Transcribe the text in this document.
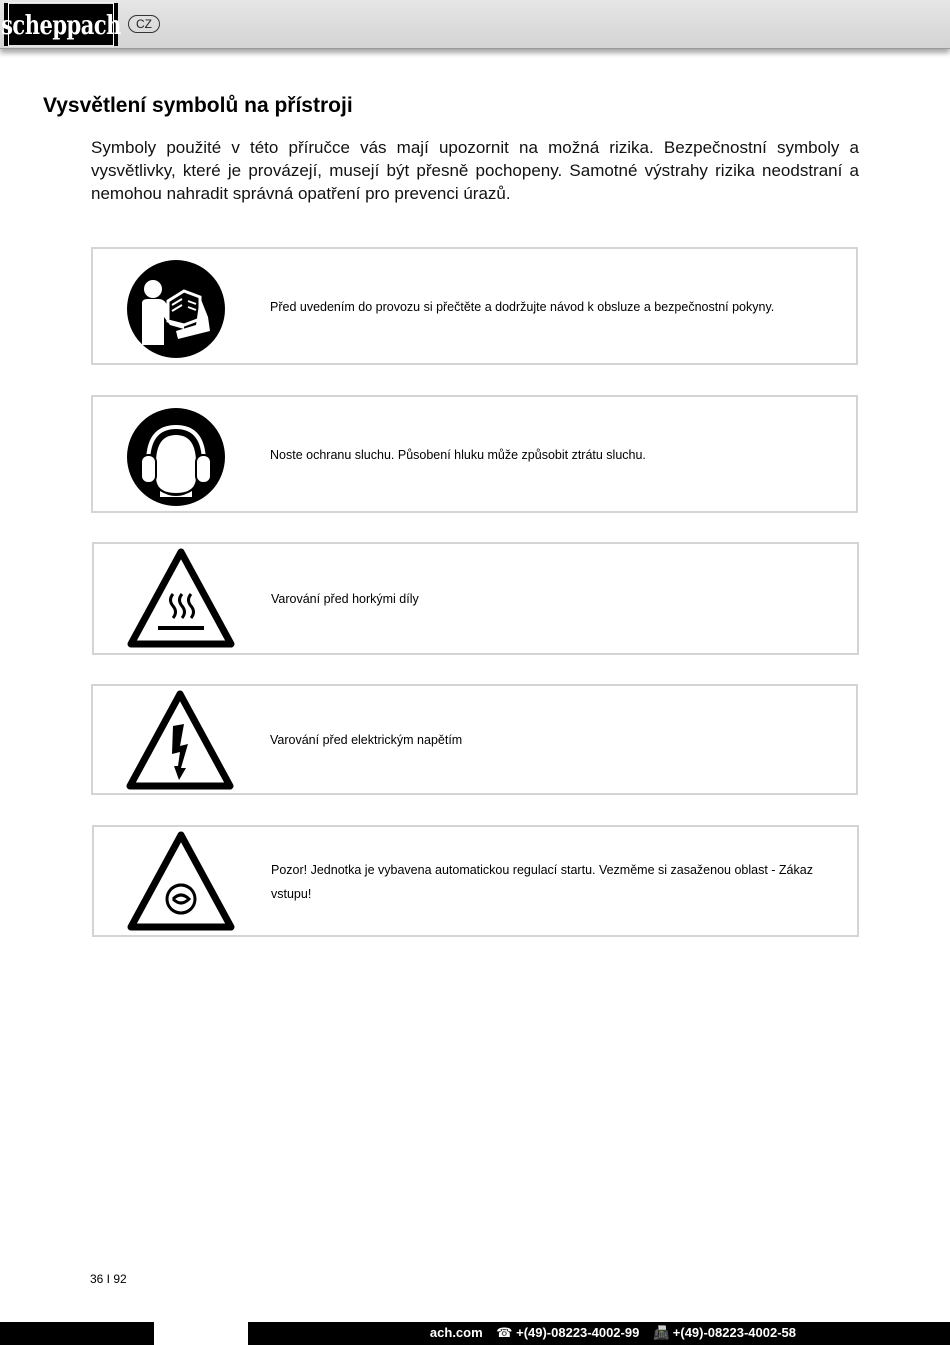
scheppach	CZ
Vysvětlení symbolů na přístroji

Symboly použité v této příručce vás mají upozornit na možná rizika. Bezpečnostní symboly a vysvětlivky, které je provázejí, musejí být přesně pochopeny. Samotné výstrahy rizika neodstraní a nemohou nahradit správná opatření pro prevenci úrazů.

Před uvedením do provozu si přečtěte a dodržujte návod k obsluze a bezpečnostní pokyny.
Noste ochranu sluchu. Působení hluku může způsobit ztrátu sluchu.
Varování před horkými díly
Varování před elektrickým napětím
Pozor! Jednotka je vybavena automatickou regulací startu. Vezměme si zasaženou oblast - Zákaz vstupu!
36 I 92
ach.com ☎ +(49)-08223-4002-99 📠 +(49)-08223-4002-58
